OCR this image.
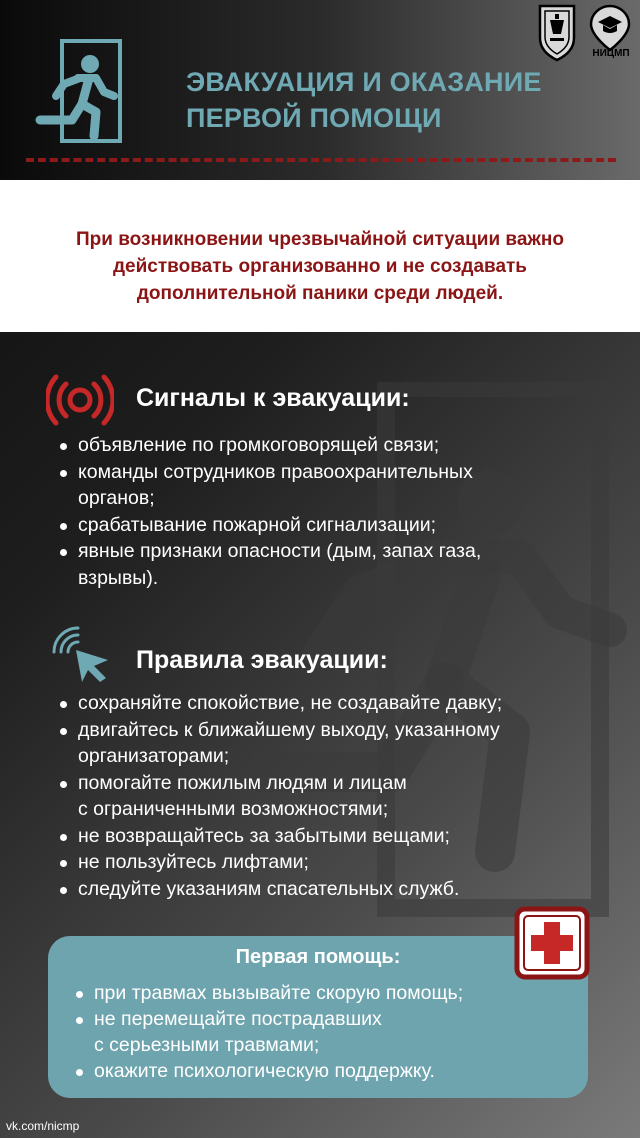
ЭВАКУАЦИЯ И ОКАЗАНИЕ
ПЕРВОЙ ПОМОЩИ
НИЦМП
При возникновении чрезвычайной ситуации важно
действовать организованно и не создавать
дополнительной паники среди людей.
Сигналы к эвакуации:
объявление по громкоговорящей связи;
команды сотрудников правоохранительных
органов;
срабатывание пожарной сигнализации;
явные признаки опасности (дым, запах газа,
взрывы).
Правила эвакуации:
сохраняйте спокойствие, не создавайте давку;
двигайтесь к ближайшему выходу, указанному
организаторами;
помогайте пожилым людям и лицам
с ограниченными возможностями;
не возвращайтесь за забытыми вещами;
не пользуйтесь лифтами;
следуйте указаниям спасательных служб.
Первая помощь:
при травмах вызывайте скорую помощь;
не перемещайте пострадавших
с серьезными травмами;
окажите психологическую поддержку.
vk.com/nicmp
